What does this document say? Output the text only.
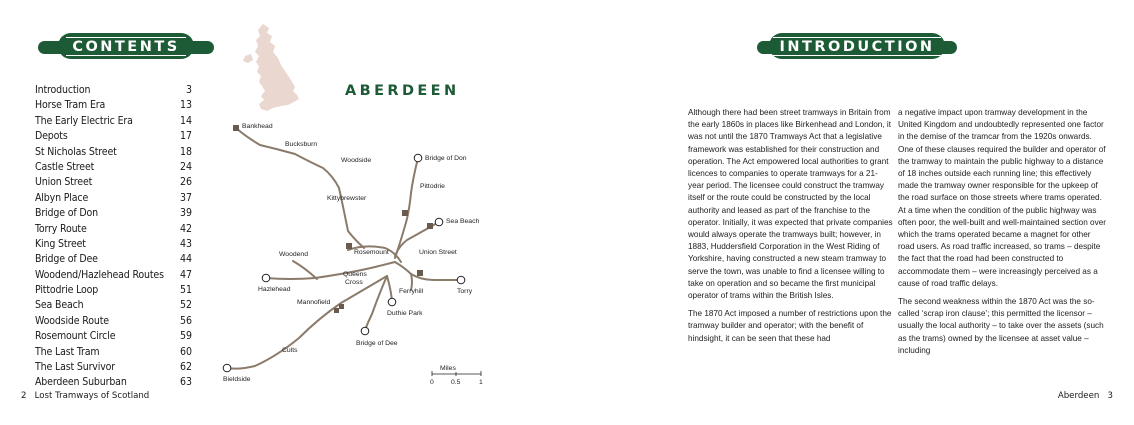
CONTENTS
Introduction	3
Horse Tram Era	13
The Early Electric Era	14
Depots	17
St Nicholas Street	18
Castle Street	24
Union Street	26
Albyn Place	37
Bridge of Don	39
Torry Route	42
King Street	43
Bridge of Dee	44
Woodend/Hazlehead Routes 47
Pittodrie Loop	51
Sea Beach	52
Woodside Route	56
Rosemount Circle	59
The Last Tram	60
The Last Survivor	62
Aberdeen Suburban	63
ABERDEEN
Bankhead
Bucksburn
Woodside	Bridge of Don
Pittodrie
Kittybrewster
Sea Beach
Woodend	Rosemount	Union Street
Queens
Cross
Hazlehead	Torry
Ferryhill
Mannofield
Duthie Park
Bridge of Dee
Cults
Bieldside
Miles
0	0.5	1
2   Lost Tramways of Scotland
INTRODUCTION

Although there had been street tramways in Britain from the early 1860s in places like Birkenhead and London, it was not until the 1870 Tramways Act that a legislative framework was established for their construction and operation. The Act empowered local authorities to grant licences to companies to operate tramways for a 21-year period. The licensee could construct the tramway itself or the route could be constructed by the local authority and leased as part of the franchise to the operator. Initially, it was expected that private companies would always operate the tramways built; however, in 1883, Huddersfield Corporation in the West Riding of Yorkshire, having constructed a new steam tramway to serve the town, was unable to find a licensee willing to take on operation and so became the first municipal operator of trams within the British Isles.

The 1870 Act imposed a number of restrictions upon the tramway builder and operator; with the benefit of hindsight, it can be seen that these had

a negative impact upon tramway development in the United Kingdom and undoubtedly represented one factor in the demise of the tramcar from the 1920s onwards. One of these clauses required the builder and operator of the tramway to maintain the public highway to a distance of 18 inches outside each running line; this effectively made the tramway owner responsible for the upkeep of the road surface on those streets where trams operated. At a time when the condition of the public highway was often poor, the well-built and well-maintained section over which the trams operated became a magnet for other road users. As road traffic increased, so trams – despite the fact that the road had been constructed to accommodate them – were increasingly perceived as a cause of road traffic delays.

The second weakness within the 1870 Act was the so-called ‘scrap iron clause’; this permitted the licensor – usually the local authority – to take over the assets (such as the trams) owned by the licensee at asset value – including

Aberdeen   3
